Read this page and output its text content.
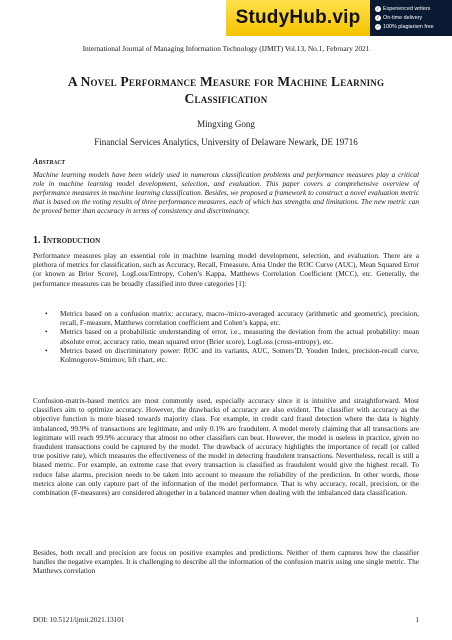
StudyHub.vip	✓ Experienced writers
✓ On-time delivery
✓ 100% plagiarism free
International Journal of Managing Information Technology (IJMIT) Vol.13, No.1, February 2021
A Novel Performance Measure for Machine Learning Classification
Mingxing Gong
Financial Services Analytics, University of Delaware Newark, DE 19716
Abstract
Machine learning models have been widely used in numerous classification problems and performance measures play a critical role in machine learning model development, selection, and evaluation. This paper covers a comprehensive overview of performance measures in machine learning classification. Besides, we proposed a framework to construct a novel evaluation metric that is based on the voting results of three performance measures, each of which has strengths and limitations. The new metric can be proved better than accuracy in terms of consistency and discriminancy.
1. Introduction
Performance measures play an essential role in machine learning model development, selection, and evaluation. There are a plethora of metrics for classification, such as Accuracy, Recall, Fmeasure, Area Under the ROC Curve (AUC), Mean Squared Error (or known as Brior Score), LogLoss/Entropy, Cohen’s Kappa, Matthews Correlation Coefficient (MCC), etc. Generally, the performance measures can be broadly classified into three categories [1]:
• Metrics based on a confusion matrix: accuracy, macro-/micro-averaged accuracy (arithmetic and geometric), precision, recall, F-measure, Matthews correlation coefficient and Cohen’s kappa, etc.
• Metrics based on a probabilistic understanding of error, i.e., measuring the deviation from the actual probability: mean absolute error, accuracy ratio, mean squared error (Brier score), LogLoss (cross-entropy), etc.
• Metrics based on discriminatory power: ROC and its variants, AUC, Somers’D, Youden Index, precision-recall curve, Kolmogorov-Smirnov, lift chart, etc.
Confusion-matrix-based metrics are most commonly used, especially accuracy since it is intuitive and straightforward. Most classifiers aim to optimize accuracy. However, the drawbacks of accuracy are also evident. The classifier with accuracy as the objective function is more biased towards majority class. For example, in credit card fraud detection where the data is highly imbalanced, 99.9% of transactions are legitimate, and only 0.1% are fraudulent. A model merely claiming that all transactions are legitimate will reach 99.9% accuracy that almost no other classifiers can beat. However, the model is useless in practice, given no fraudulent transactions could be captured by the model. The drawback of accuracy highlights the importance of recall (or called true positive rate), which measures the effectiveness of the model in detecting fraudulent transactions. Nevertheless, recall is still a biased metric. For example, an extreme case that every transaction is classified as fraudulent would give the highest recall. To reduce false alarms, precision needs to be taken into account to measure the reliability of the prediction. In other words, those metrics alone can only capture part of the information of the model performance. That is why accuracy, recall, precision, or the combination (F-measures) are considered altogether in a balanced manner when dealing with the imbalanced data classification.
Besides, both recall and precision are focus on positive examples and predictions. Neither of them captures how the classifier handles the negative examples. It is challenging to describe all the information of the confusion matrix using one single metric. The Matthews correlation
DOI: 10.5121/ijmit.2021.13101	1
